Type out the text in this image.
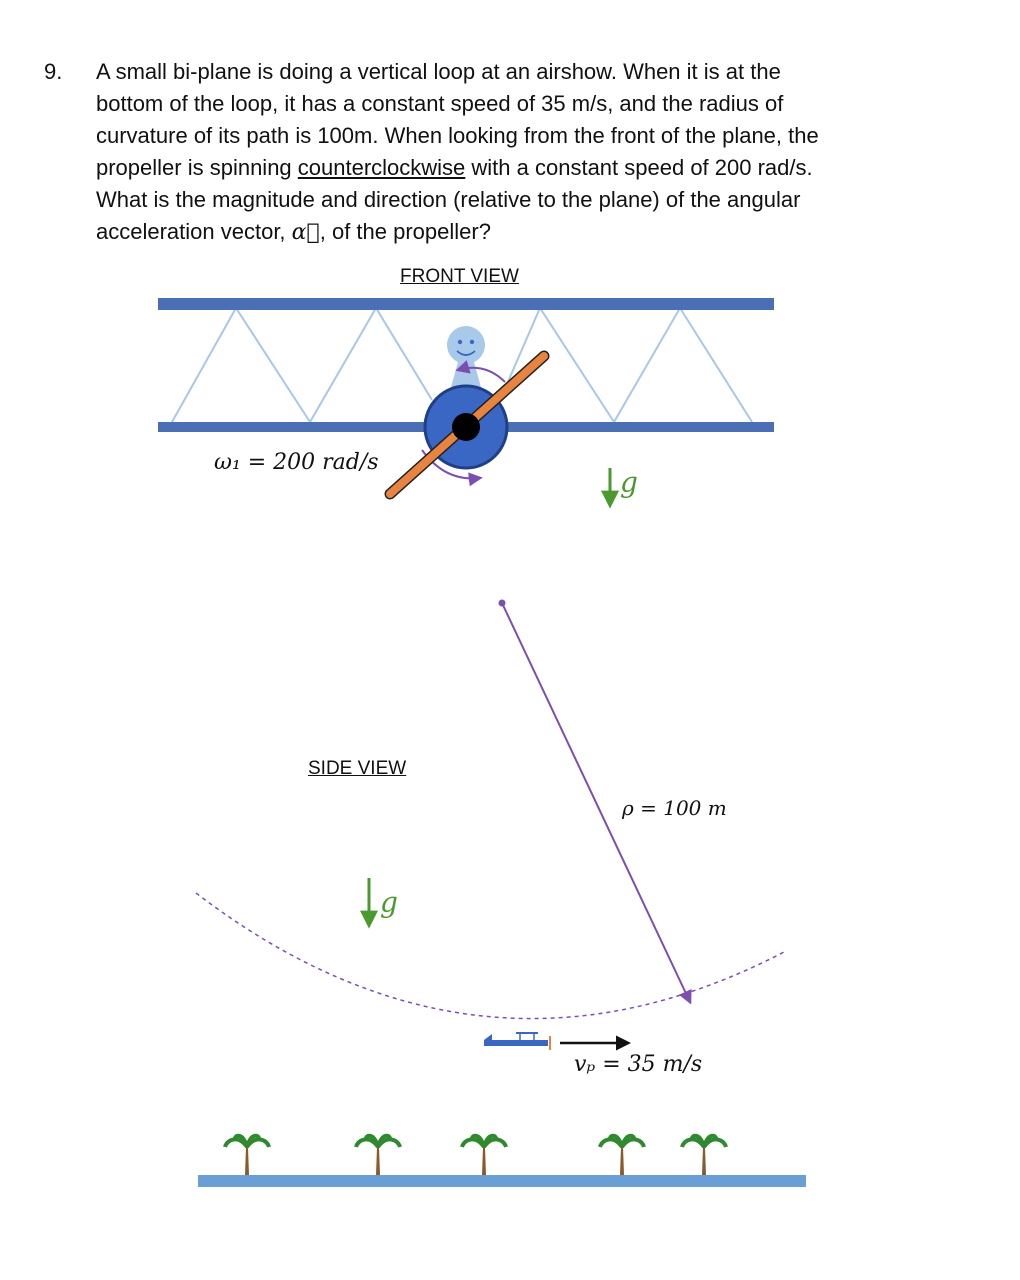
9. A small bi-plane is doing a vertical loop at an airshow. When it is at the
bottom of the loop, it has a constant speed of 35 m/s, and the radius of
curvature of its path is 100m. When looking from the front of the plane, the
propeller is spinning counterclockwise with a constant speed of 200 rad/s.
What is the magnitude and direction (relative to the plane) of the angular
acceleration vector, α⃗, of the propeller?

FRONT VIEW
ω₁ = 200 rad/s
g
SIDE VIEW
ρ = 100 m
g
vₚ = 35 m/s
